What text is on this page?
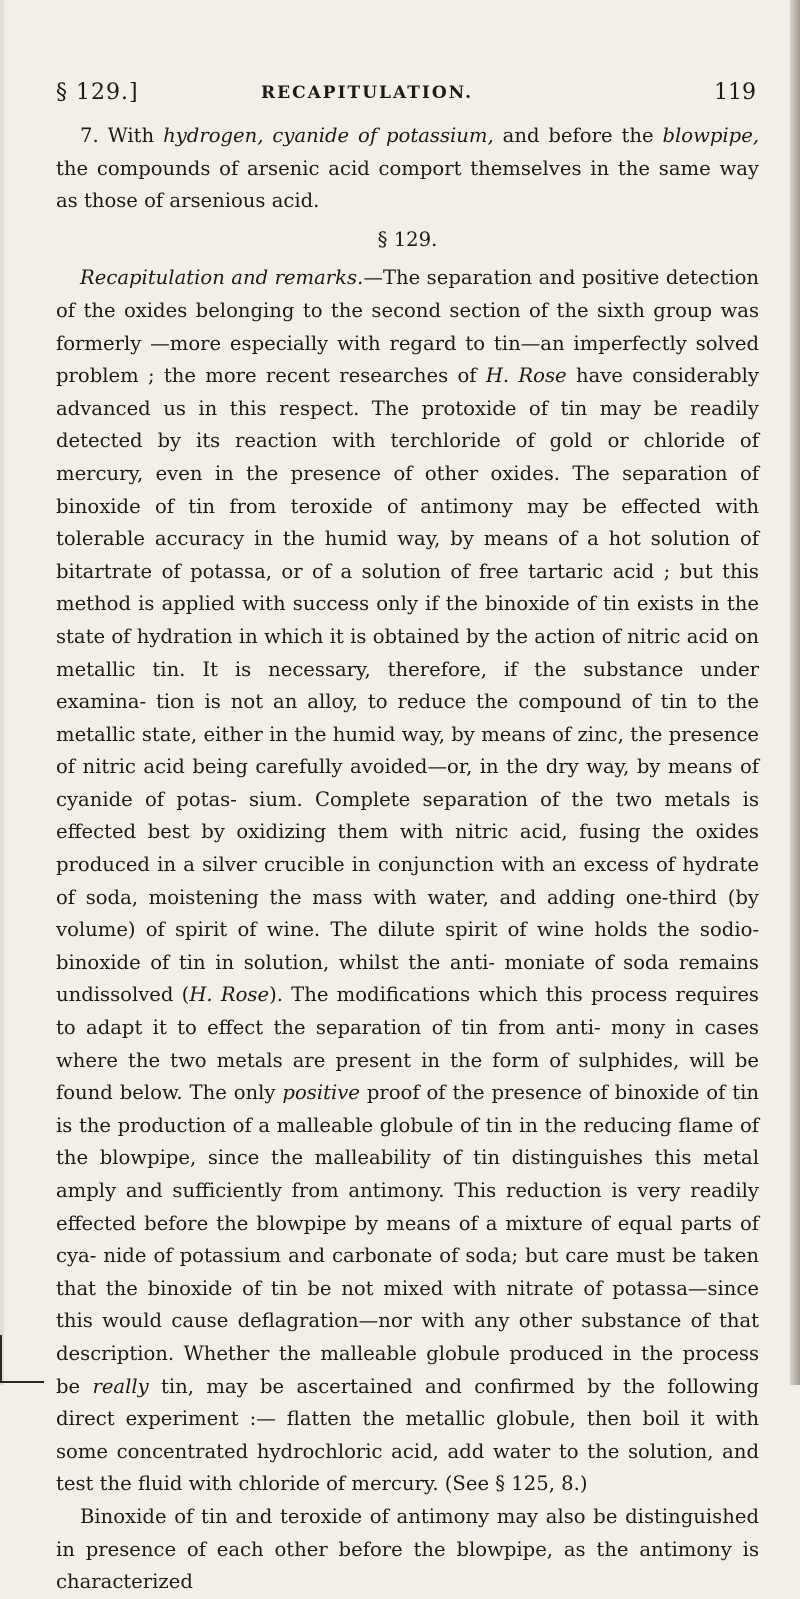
§ 129.]	RECAPITULATION.	119

7. With hydrogen, cyanide of potassium, and before the blowpipe, the compounds of arsenic acid comport themselves in the same way as those of arsenious acid.

§ 129.

Recapitulation and remarks.—The separation and positive detection of the oxides belonging to the second section of the sixth group was formerly —more especially with regard to tin—an imperfectly solved problem ; the more recent researches of H. Rose have considerably advanced us in this respect. The protoxide of tin may be readily detected by its reaction with terchloride of gold or chloride of mercury, even in the presence of other oxides. The separation of binoxide of tin from teroxide of antimony may be effected with tolerable accuracy in the humid way, by means of a hot solution of bitartrate of potassa, or of a solution of free tartaric acid ; but this method is applied with success only if the binoxide of tin exists in the state of hydration in which it is obtained by the action of nitric acid on metallic tin. It is necessary, therefore, if the substance under examina- tion is not an alloy, to reduce the compound of tin to the metallic state, either in the humid way, by means of zinc, the presence of nitric acid being carefully avoided—or, in the dry way, by means of cyanide of potas- sium. Complete separation of the two metals is effected best by oxidizing them with nitric acid, fusing the oxides produced in a silver crucible in conjunction with an excess of hydrate of soda, moistening the mass with water, and adding one-third (by volume) of spirit of wine. The dilute spirit of wine holds the sodio-binoxide of tin in solution, whilst the anti- moniate of soda remains undissolved (H. Rose). The modifications which this process requires to adapt it to effect the separation of tin from anti- mony in cases where the two metals are present in the form of sulphides, will be found below. The only positive proof of the presence of binoxide of tin is the production of a malleable globule of tin in the reducing flame of the blowpipe, since the malleability of tin distinguishes this metal amply and sufficiently from antimony. This reduction is very readily effected before the blowpipe by means of a mixture of equal parts of cya- nide of potassium and carbonate of soda; but care must be taken that the binoxide of tin be not mixed with nitrate of potassa—since this would cause deflagration—nor with any other substance of that description. Whether the malleable globule produced in the process be really tin, may be ascertained and confirmed by the following direct experiment :— flatten the metallic globule, then boil it with some concentrated hydrochloric acid, add water to the solution, and test the fluid with chloride of mercury. (See § 125, 8.)

Binoxide of tin and teroxide of antimony may also be distinguished in presence of each other before the blowpipe, as the antimony is characterized
